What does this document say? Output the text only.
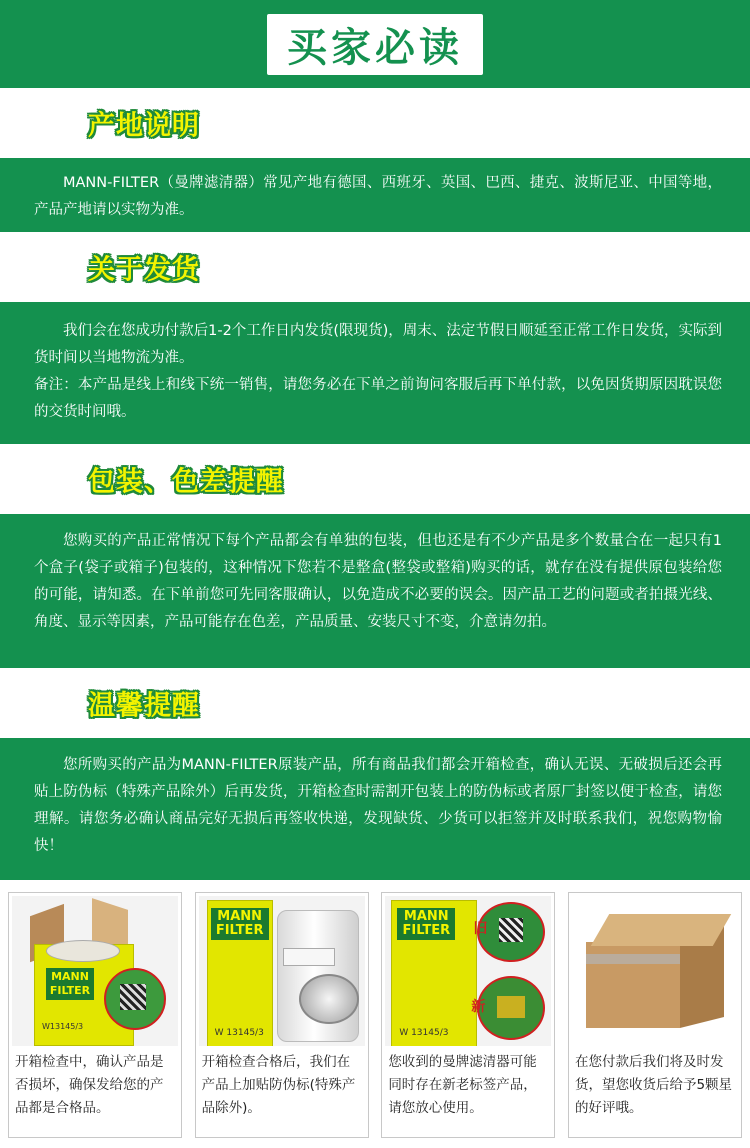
买家必读
产地说明

MANN-FILTER（曼牌滤清器）常见产地有德国、西班牙、英国、巴西、捷克、波斯尼亚、中国等地，产品产地请以实物为准。

关于发货

我们会在您成功付款后1-2个工作日内发货(限现货)，周末、法定节假日顺延至正常工作日发货，实际到货时间以当地物流为准。

备注：本产品是线上和线下统一销售，请您务必在下单之前询问客服后再下单付款，以免因货期原因耽误您的交货时间哦。

包装、色差提醒

您购买的产品正常情况下每个产品都会有单独的包装，但也还是有不少产品是多个数量合在一起只有1个盒子(袋子或箱子)包装的，这种情况下您若不是整盒(整袋或整箱)购买的话，就存在没有提供原包装给您的可能，请知悉。在下单前您可先同客服确认，以免造成不必要的误会。因产品工艺的问题或者拍摄光线、角度、显示等因素，产品可能存在色差，产品质量、安装尺寸不变，介意请勿拍。

温馨提醒

您所购买的产品为MANN-FILTER原装产品，所有商品我们都会开箱检查，确认无误、无破损后还会再贴上防伪标（特殊产品除外）后再发货，开箱检查时需割开包装上的防伪标或者原厂封签以便于检查，请您理解。请您务必确认商品完好无损后再签收快递，发现缺货、少货可以拒签并及时联系我们，祝您购物愉快！

MANN FILTER
W13145/3
开箱检查中，确认产品是否损坏，确保发给您的产品都是合格品。
MANN FILTER
W 13145/3
开箱检查合格后，我们在产品上加贴防伪标(特殊产品除外)。
MANN FILTER
W 13145/3
旧
新
您收到的曼牌滤清器可能同时存在新老标签产品，请您放心使用。
在您付款后我们将及时发货，望您收货后给予5颗星的好评哦。
